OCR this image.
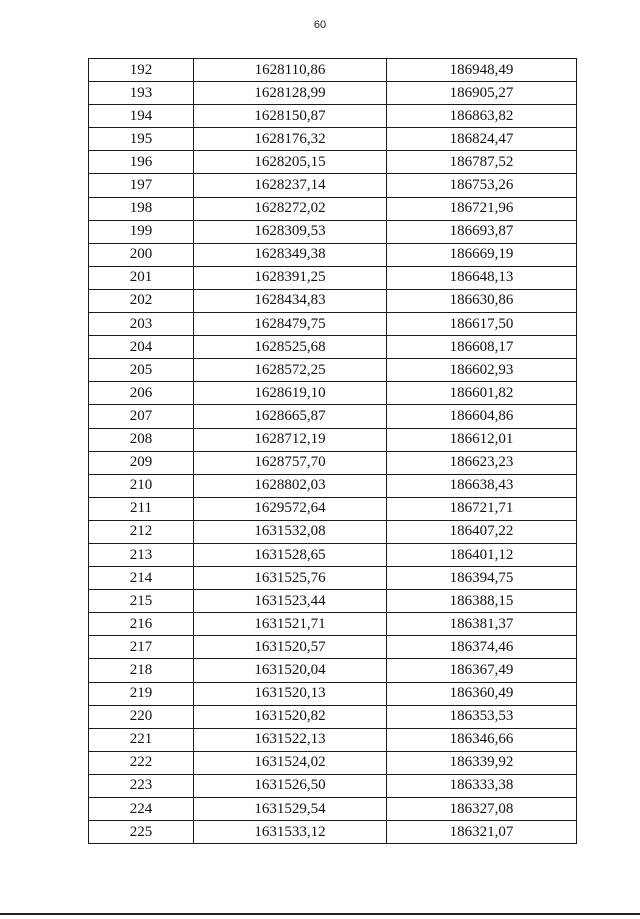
60
192	1628110,86	186948,49
193	1628128,99	186905,27
194	1628150,87	186863,82
195	1628176,32	186824,47
196	1628205,15	186787,52
197	1628237,14	186753,26
198	1628272,02	186721,96
199	1628309,53	186693,87
200	1628349,38	186669,19
201	1628391,25	186648,13
202	1628434,83	186630,86
203	1628479,75	186617,50
204	1628525,68	186608,17
205	1628572,25	186602,93
206	1628619,10	186601,82
207	1628665,87	186604,86
208	1628712,19	186612,01
209	1628757,70	186623,23
210	1628802,03	186638,43
211	1629572,64	186721,71
212	1631532,08	186407,22
213	1631528,65	186401,12
214	1631525,76	186394,75
215	1631523,44	186388,15
216	1631521,71	186381,37
217	1631520,57	186374,46
218	1631520,04	186367,49
219	1631520,13	186360,49
220	1631520,82	186353,53
221	1631522,13	186346,66
222	1631524,02	186339,92
223	1631526,50	186333,38
224	1631529,54	186327,08
225	1631533,12	186321,07
